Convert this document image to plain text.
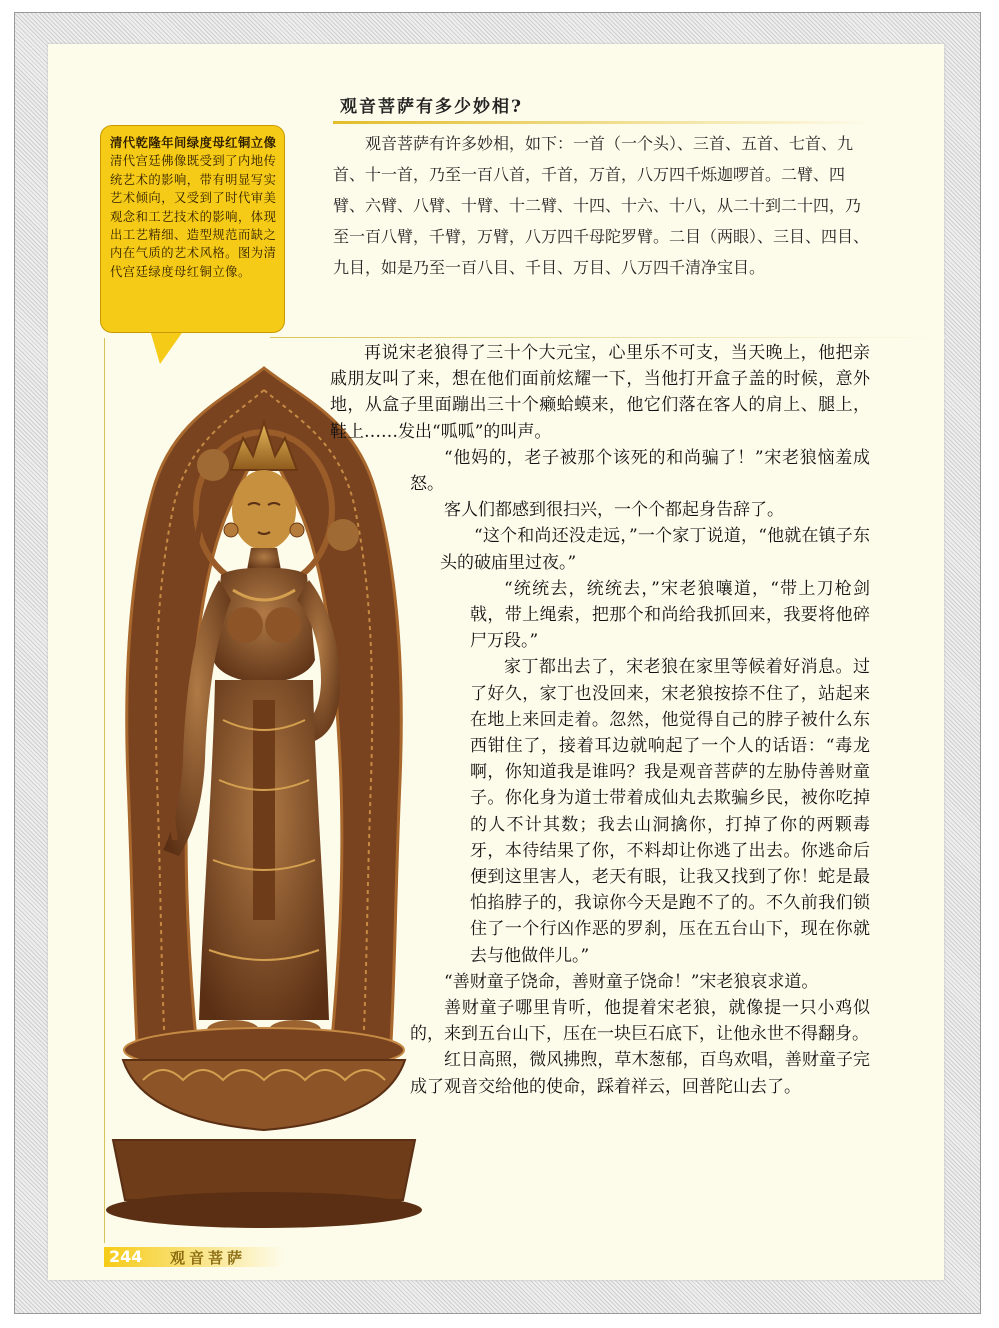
观音菩萨有多少妙相?

观音菩萨有许多妙相，如下：一首（一个头）、三首、五首、七首、九首、十一首，乃至一百八首，千首，万首，八万四千烁迦啰首。二臂、四臂、六臂、八臂、十臂、十二臂、十四、十六、十八，从二十到二十四，乃至一百八臂，千臂，万臂，八万四千母陀罗臂。二目（两眼）、三目、四目、九目，如是乃至一百八目、千目、万目、八万四千清净宝目。

清代乾隆年间绿度母红铜立像 清代宫廷佛像既受到了内地传统艺术的影响，带有明显写实艺术倾向，又受到了时代审美观念和工艺技术的影响，体现出工艺精细、造型规范而缺之内在气质的艺术风格。图为清代宫廷绿度母红铜立像。

再说宋老狼得了三十个大元宝，心里乐不可支，当天晚上，他把亲戚朋友叫了来，想在他们面前炫耀一下，当他打开盒子盖的时候，意外地，从盒子里面蹦出三十个癞蛤蟆来，他它们落在客人的肩上、腿上，鞋上……发出“呱呱”的叫声。

“他妈的，老子被那个该死的和尚骗了！”宋老狼恼羞成怒。

客人们都感到很扫兴，一个个都起身告辞了。

“这个和尚还没走远，”一个家丁说道，“他就在镇子东头的破庙里过夜。”

“统统去，统统去，”宋老狼嚷道，“带上刀枪剑戟，带上绳索，把那个和尚给我抓回来，我要将他碎尸万段。”

家丁都出去了，宋老狼在家里等候着好消息。过了好久，家丁也没回来，宋老狼按捺不住了，站起来在地上来回走着。忽然，他觉得自己的脖子被什么东西钳住了，接着耳边就响起了一个人的话语：“毒龙啊，你知道我是谁吗？我是观音菩萨的左胁侍善财童子。你化身为道士带着成仙丸去欺骗乡民，被你吃掉的人不计其数；我去山洞擒你，打掉了你的两颗毒牙，本待结果了你，不料却让你逃了出去。你逃命后便到这里害人，老天有眼，让我又找到了你！蛇是最怕掐脖子的，我谅你今天是跑不了的。不久前我们锁住了一个行凶作恶的罗刹，压在五台山下，现在你就去与他做伴儿。”

“善财童子饶命，善财童子饶命！”宋老狼哀求道。

善财童子哪里肯听，他提着宋老狼，就像提一只小鸡似的，来到五台山下，压在一块巨石底下，让他永世不得翻身。

红日高照，微风拂煦，草木葱郁，百鸟欢唱，善财童子完成了观音交给他的使命，踩着祥云，回普陀山去了。

244 观音菩萨
